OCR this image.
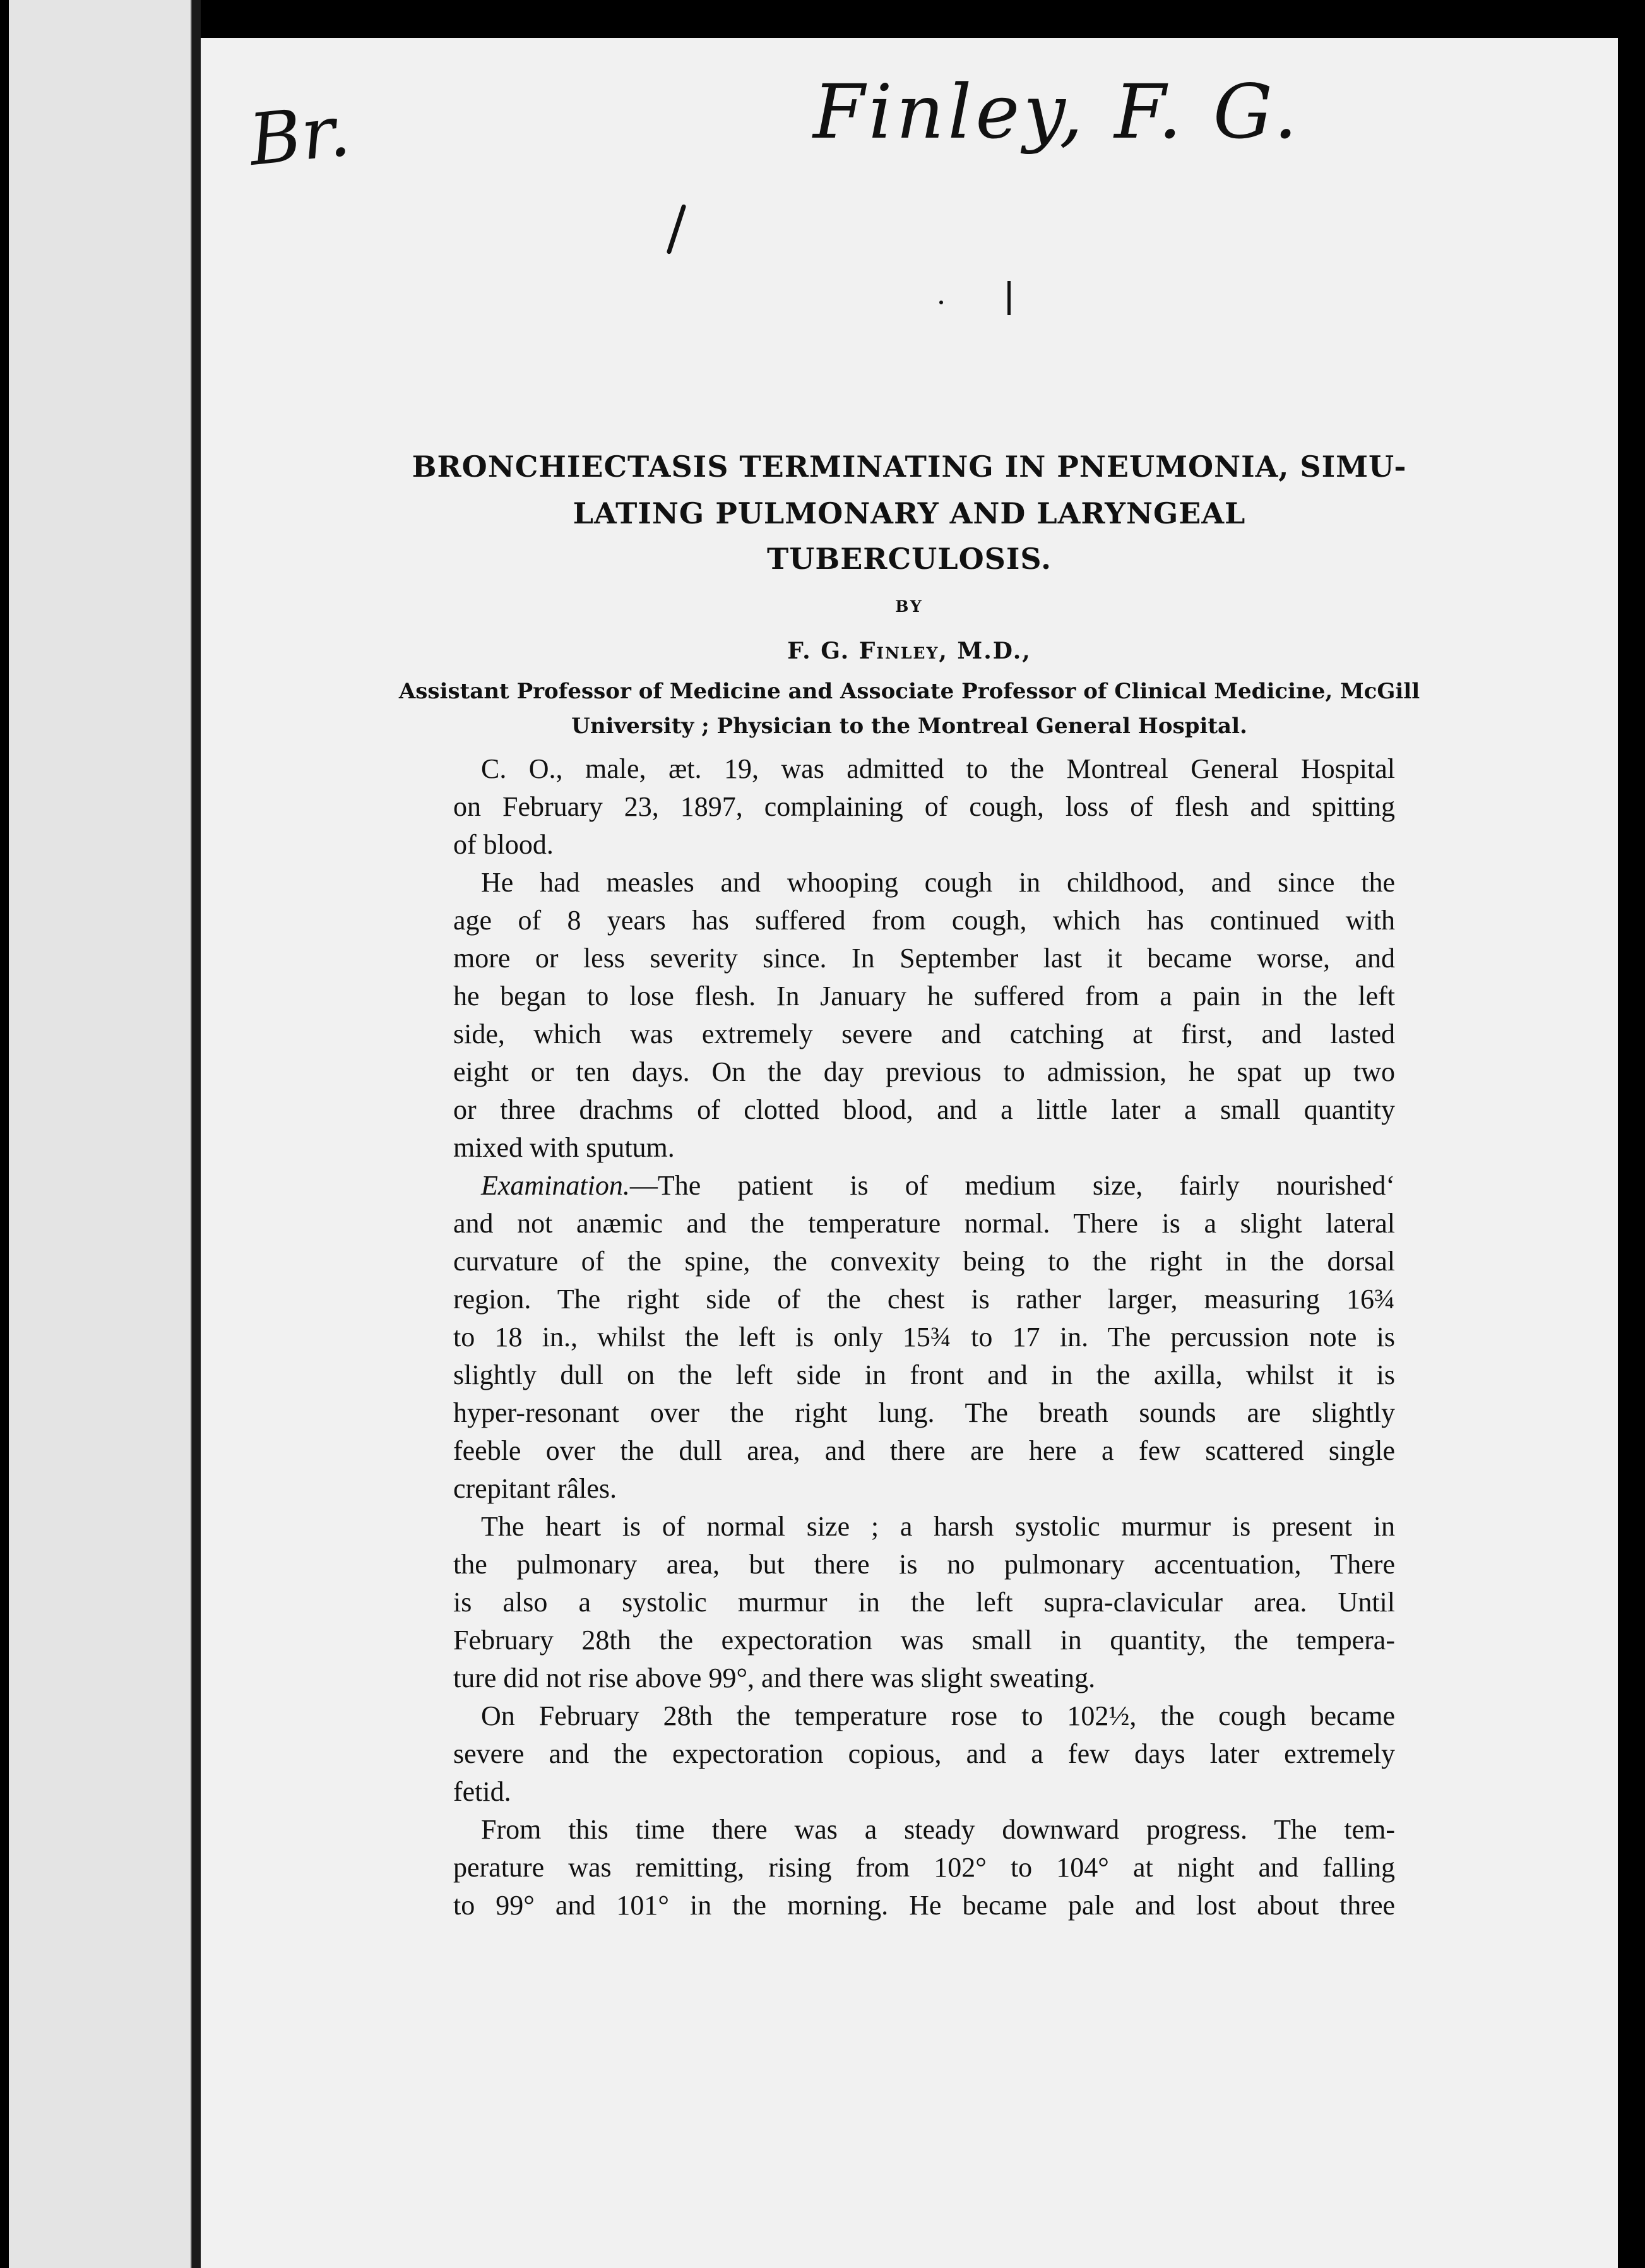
Br.	Finley, F. G.
BRONCHIECTASIS TERMINATING IN PNEUMONIA, SIMU-
LATING PULMONARY AND LARYNGEAL
TUBERCULOSIS.
BY
F. G. Finley, M.D.,
Assistant Professor of Medicine and Associate Professor of Clinical Medicine, McGill
University ; Physician to the Montreal General Hospital.
C. O., male, æt. 19, was admitted to the Montreal General Hospital
on February 23, 1897, complaining of cough, loss of flesh and spitting
of blood.
He had measles and whooping cough in childhood, and since the
age of 8 years has suffered from cough, which has continued with
more or less severity since. In September last it became worse, and
he began to lose flesh. In January he suffered from a pain in the left
side, which was extremely severe and catching at first, and lasted
eight or ten days. On the day previous to admission, he spat up two
or three drachms of clotted blood, and a little later a small quantity
mixed with sputum.
Examination.—The patient is of medium size, fairly nourished‘
and not anæmic and the temperature normal. There is a slight lateral
curvature of the spine, the convexity being to the right in the dorsal
region. The right side of the chest is rather larger, measuring 16¾
to 18 in., whilst the left is only 15¾ to 17 in. The percussion note is
slightly dull on the left side in front and in the axilla, whilst it is
hyper-resonant over the right lung. The breath sounds are slightly
feeble over the dull area, and there are here a few scattered single
crepitant râles.
The heart is of normal size ; a harsh systolic murmur is present in
the pulmonary area, but there is no pulmonary accentuation, There
is also a systolic murmur in the left supra-clavicular area. Until
February 28th the expectoration was small in quantity, the tempera-
ture did not rise above 99°, and there was slight sweating.
On February 28th the temperature rose to 102½, the cough became
severe and the expectoration copious, and a few days later extremely
fetid.
From this time there was a steady downward progress. The tem-
perature was remitting, rising from 102° to 104° at night and falling
to 99° and 101° in the morning. He became pale and lost about three
